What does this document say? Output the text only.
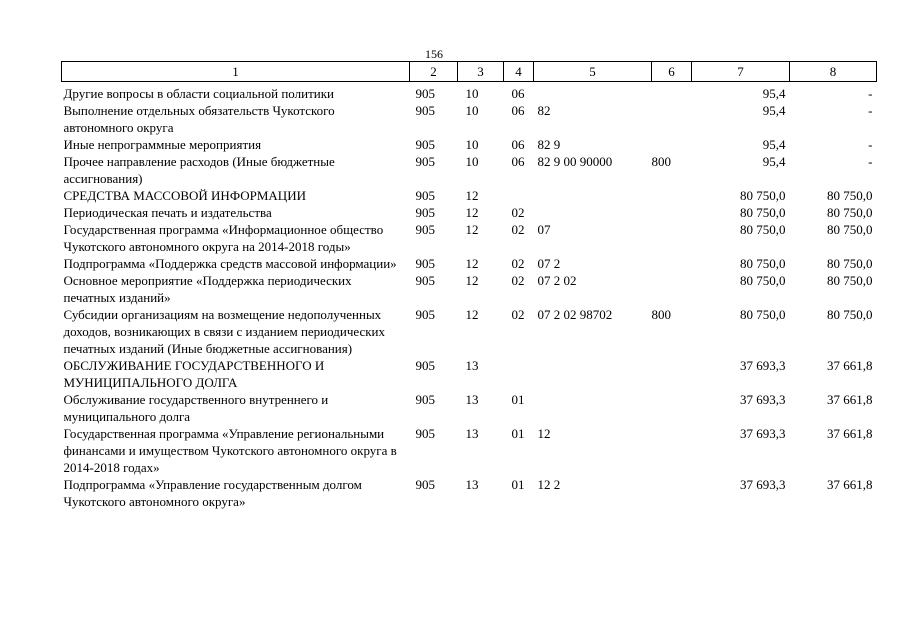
156
1	2	3	4	5	6	7	8
Другие вопросы в области социальной политики	905	10	06			95,4	-
Выполнение отдельных обязательств Чукотского автономного округа	905	10	06	82		95,4	-
Иные непрограммные мероприятия	905	10	06	82 9		95,4	-
Прочее направление расходов (Иные бюджетные ассигнования)	905	10	06	82 9 00 90000	800	95,4	-
СРЕДСТВА МАССОВОЙ ИНФОРМАЦИИ	905	12				80 750,0	80 750,0
Периодическая печать и издательства	905	12	02			80 750,0	80 750,0
Государственная программа «Информационное общество Чукотского автономного округа на 2014-2018 годы»	905	12	02	07		80 750,0	80 750,0
Подпрограмма «Поддержка средств массовой информации»	905	12	02	07 2		80 750,0	80 750,0
Основное мероприятие «Поддержка периодических печатных изданий»	905	12	02	07 2 02		80 750,0	80 750,0
Субсидии организациям на возмещение недополученных доходов, возникающих в связи с изданием периодических печатных изданий (Иные бюджетные ассигнования)	905	12	02	07 2 02 98702	800	80 750,0	80 750,0
ОБСЛУЖИВАНИЕ ГОСУДАРСТВЕННОГО И МУНИЦИПАЛЬНОГО ДОЛГА	905	13				37 693,3	37 661,8
Обслуживание государственного внутреннего и муниципального долга	905	13	01			37 693,3	37 661,8
Государственная программа «Управление региональными финансами и имуществом Чукотского автономного округа в 2014-2018 годах»	905	13	01	12		37 693,3	37 661,8
Подпрограмма «Управление государственным долгом Чукотского автономного округа»	905	13	01	12 2		37 693,3	37 661,8
